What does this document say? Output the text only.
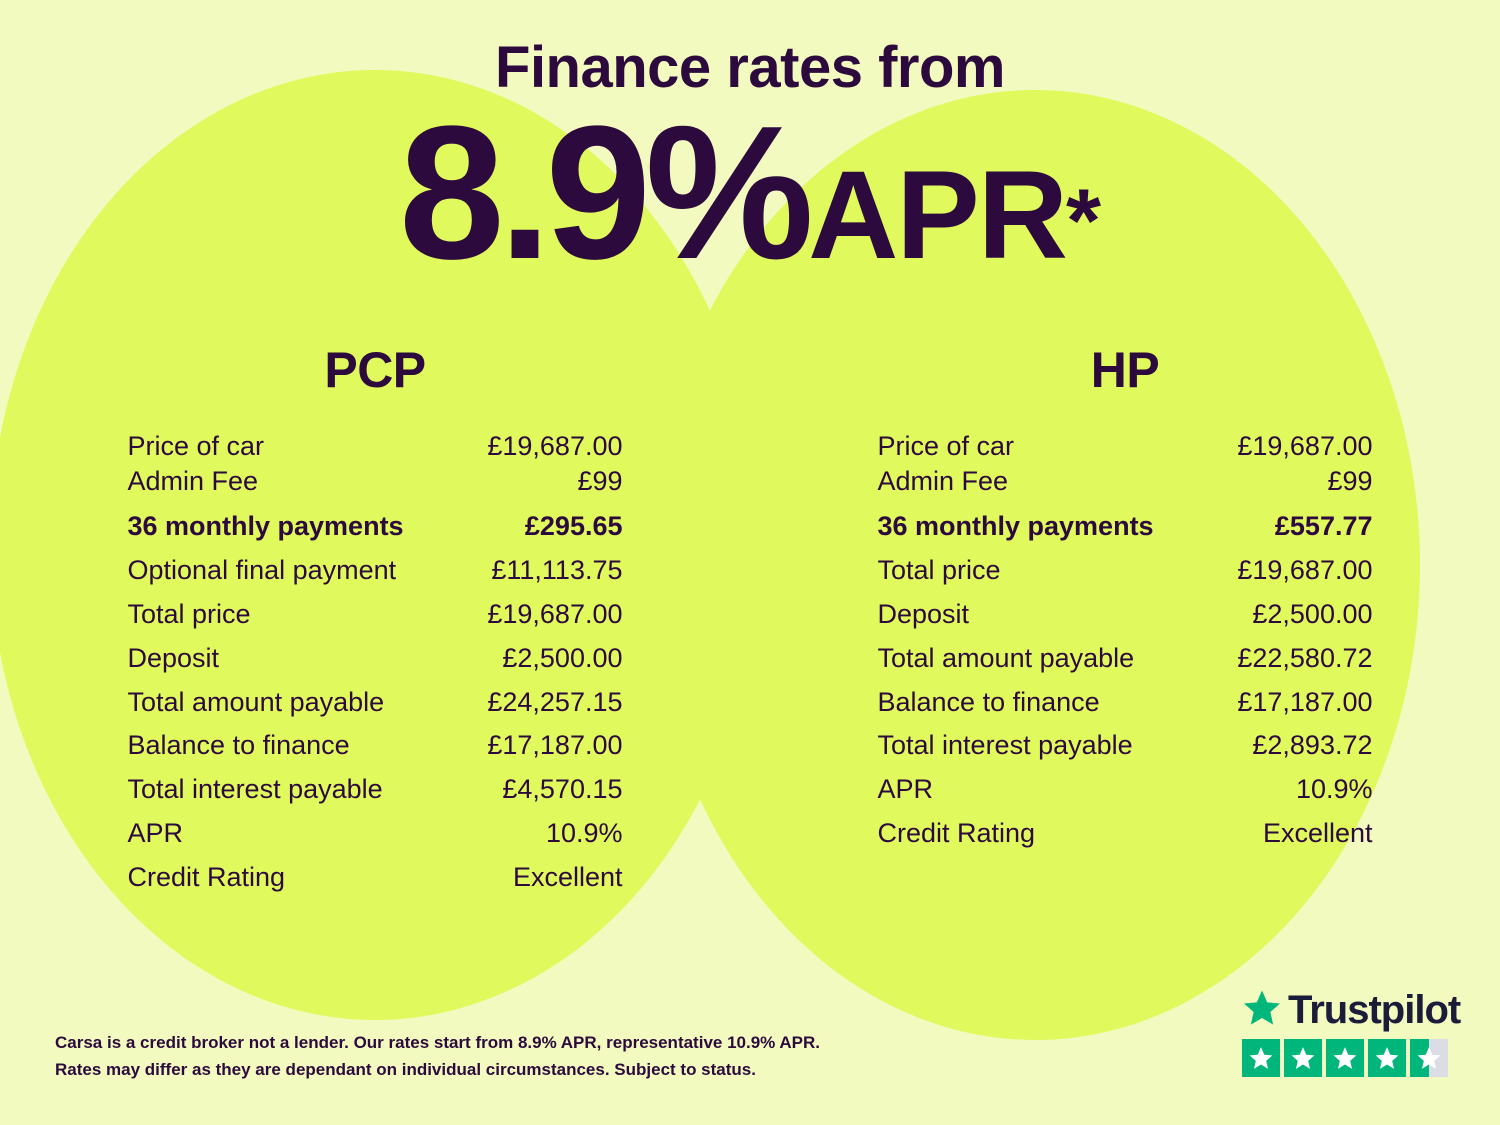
Finance rates from
8.9%APR*
PCP
Price of car	£19,687.00
Admin Fee	£99
36 monthly payments	£295.65
Optional final payment	£11,113.75
Total price	£19,687.00
Deposit	£2,500.00
Total amount payable	£24,257.15
Balance to finance	£17,187.00
Total interest payable	£4,570.15
APR	10.9%
Credit Rating	Excellent
HP
Price of car	£19,687.00
Admin Fee	£99
36 monthly payments	£557.77
Total price	£19,687.00
Deposit	£2,500.00
Total amount payable	£22,580.72
Balance to finance	£17,187.00
Total interest payable	£2,893.72
APR	10.9%
Credit Rating	Excellent
Carsa is a credit broker not a lender. Our rates start from 8.9% APR, representative 10.9% APR.
Rates may differ as they are dependant on individual circumstances. Subject to status.
Trustpilot
